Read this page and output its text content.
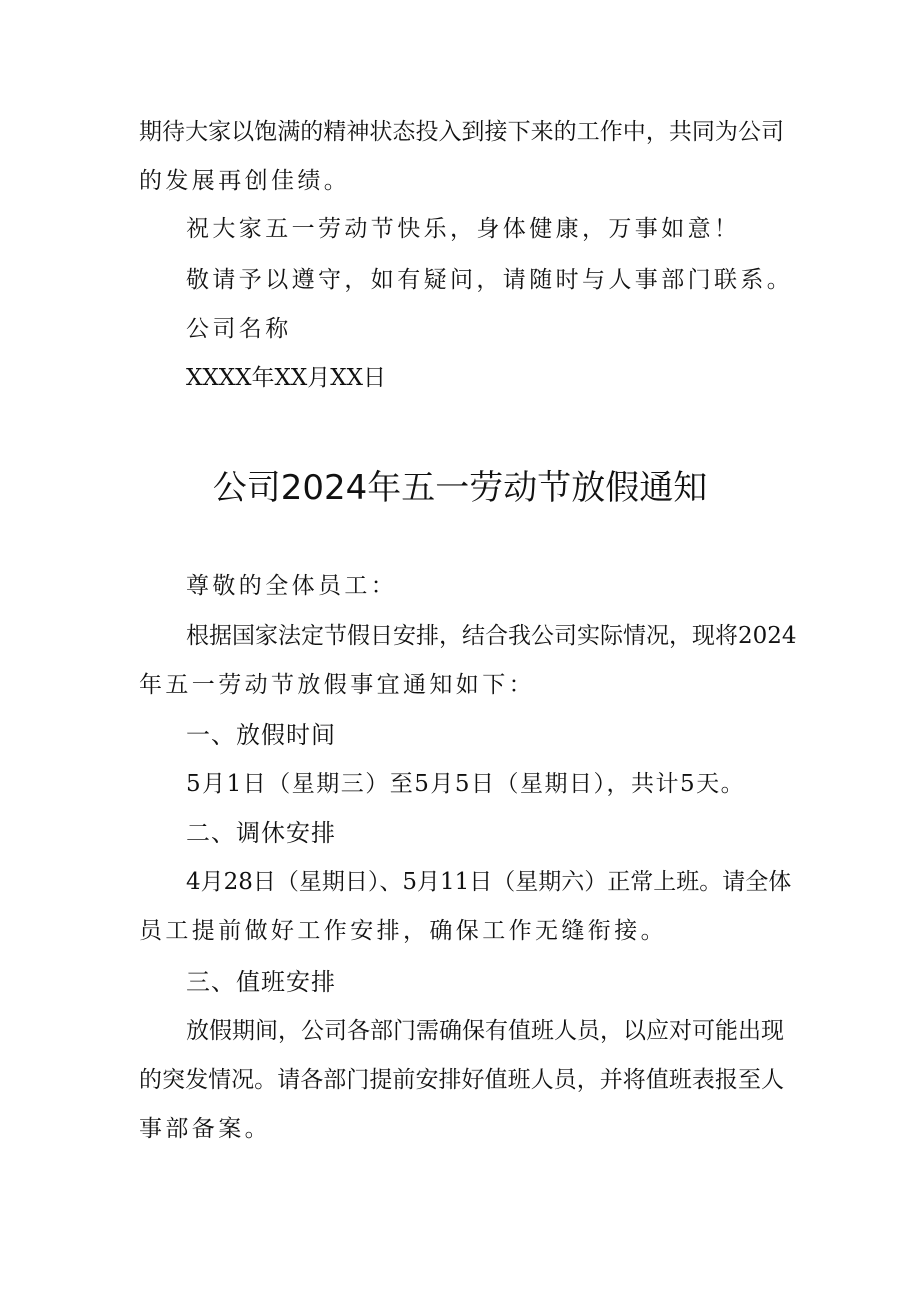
期待大家以饱满的精神状态投入到接下来的工作中，共同为公司
的发展再创佳绩。
祝大家五一劳动节快乐，身体健康，万事如意！
敬请予以遵守，如有疑问，请随时与人事部门联系。
公司名称
XXXX年XX月XX日
公司2024年五一劳动节放假通知
尊敬的全体员工：
根据国家法定节假日安排，结合我公司实际情况，现将2024
年五一劳动节放假事宜通知如下：
一、放假时间
5月1日（星期三）至5月5日（星期日），共计5天。
二、调休安排
4月28日（星期日）、5月11日（星期六）正常上班。请全体
员工提前做好工作安排，确保工作无缝衔接。
三、值班安排
放假期间，公司各部门需确保有值班人员，以应对可能出现
的突发情况。请各部门提前安排好值班人员，并将值班表报至人
事部备案。
